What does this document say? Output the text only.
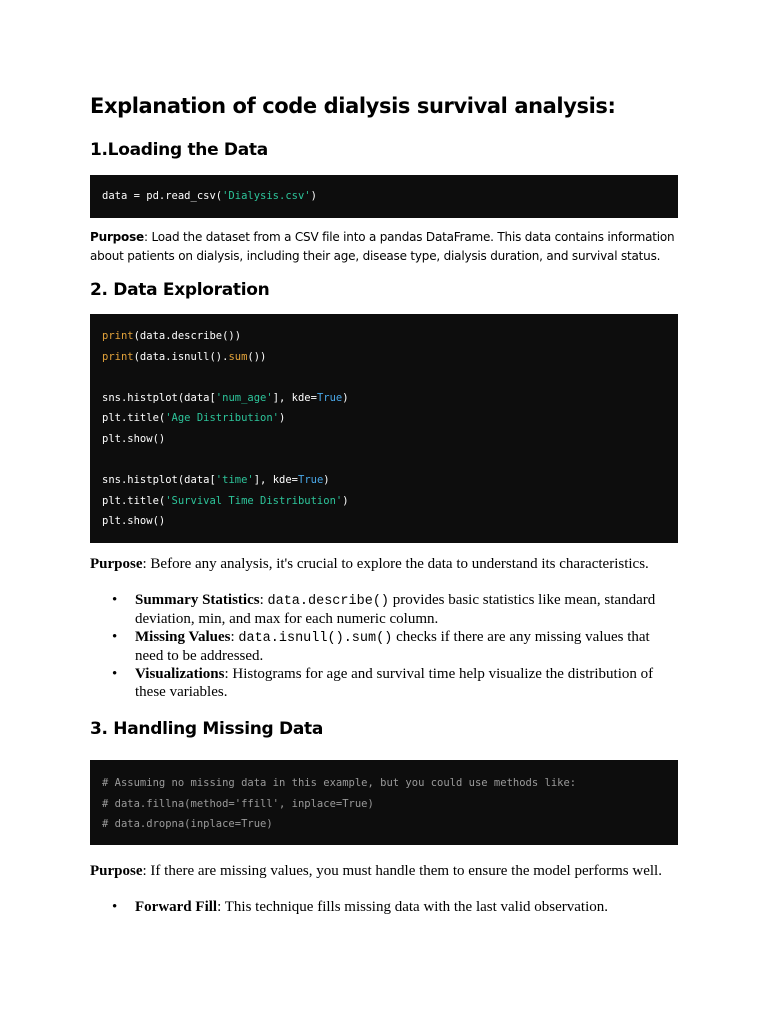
Explanation of code dialysis survival analysis:
1.Loading the Data
data = pd.read_csv('Dialysis.csv')

Purpose: Load the dataset from a CSV file into a pandas DataFrame. This data contains information about patients on dialysis, including their age, disease type, dialysis duration, and survival status.

2. Data Exploration
print(data.describe())
print(data.isnull().sum())

sns.histplot(data['num_age'], kde=True)
plt.title('Age Distribution')
plt.show()

sns.histplot(data['time'], kde=True)
plt.title('Survival Time Distribution')
plt.show()

Purpose: Before any analysis, it's crucial to explore the data to understand its characteristics.

• Summary Statistics: data.describe() provides basic statistics like mean, standard deviation, min, and max for each numeric column.
• Missing Values: data.isnull().sum() checks if there are any missing values that need to be addressed.
• Visualizations: Histograms for age and survival time help visualize the distribution of these variables.
3. Handling Missing Data
# Assuming no missing data in this example, but you could use methods like:
# data.fillna(method='ffill', inplace=True)
# data.dropna(inplace=True)

Purpose: If there are missing values, you must handle them to ensure the model performs well.

• Forward Fill: This technique fills missing data with the last valid observation.
